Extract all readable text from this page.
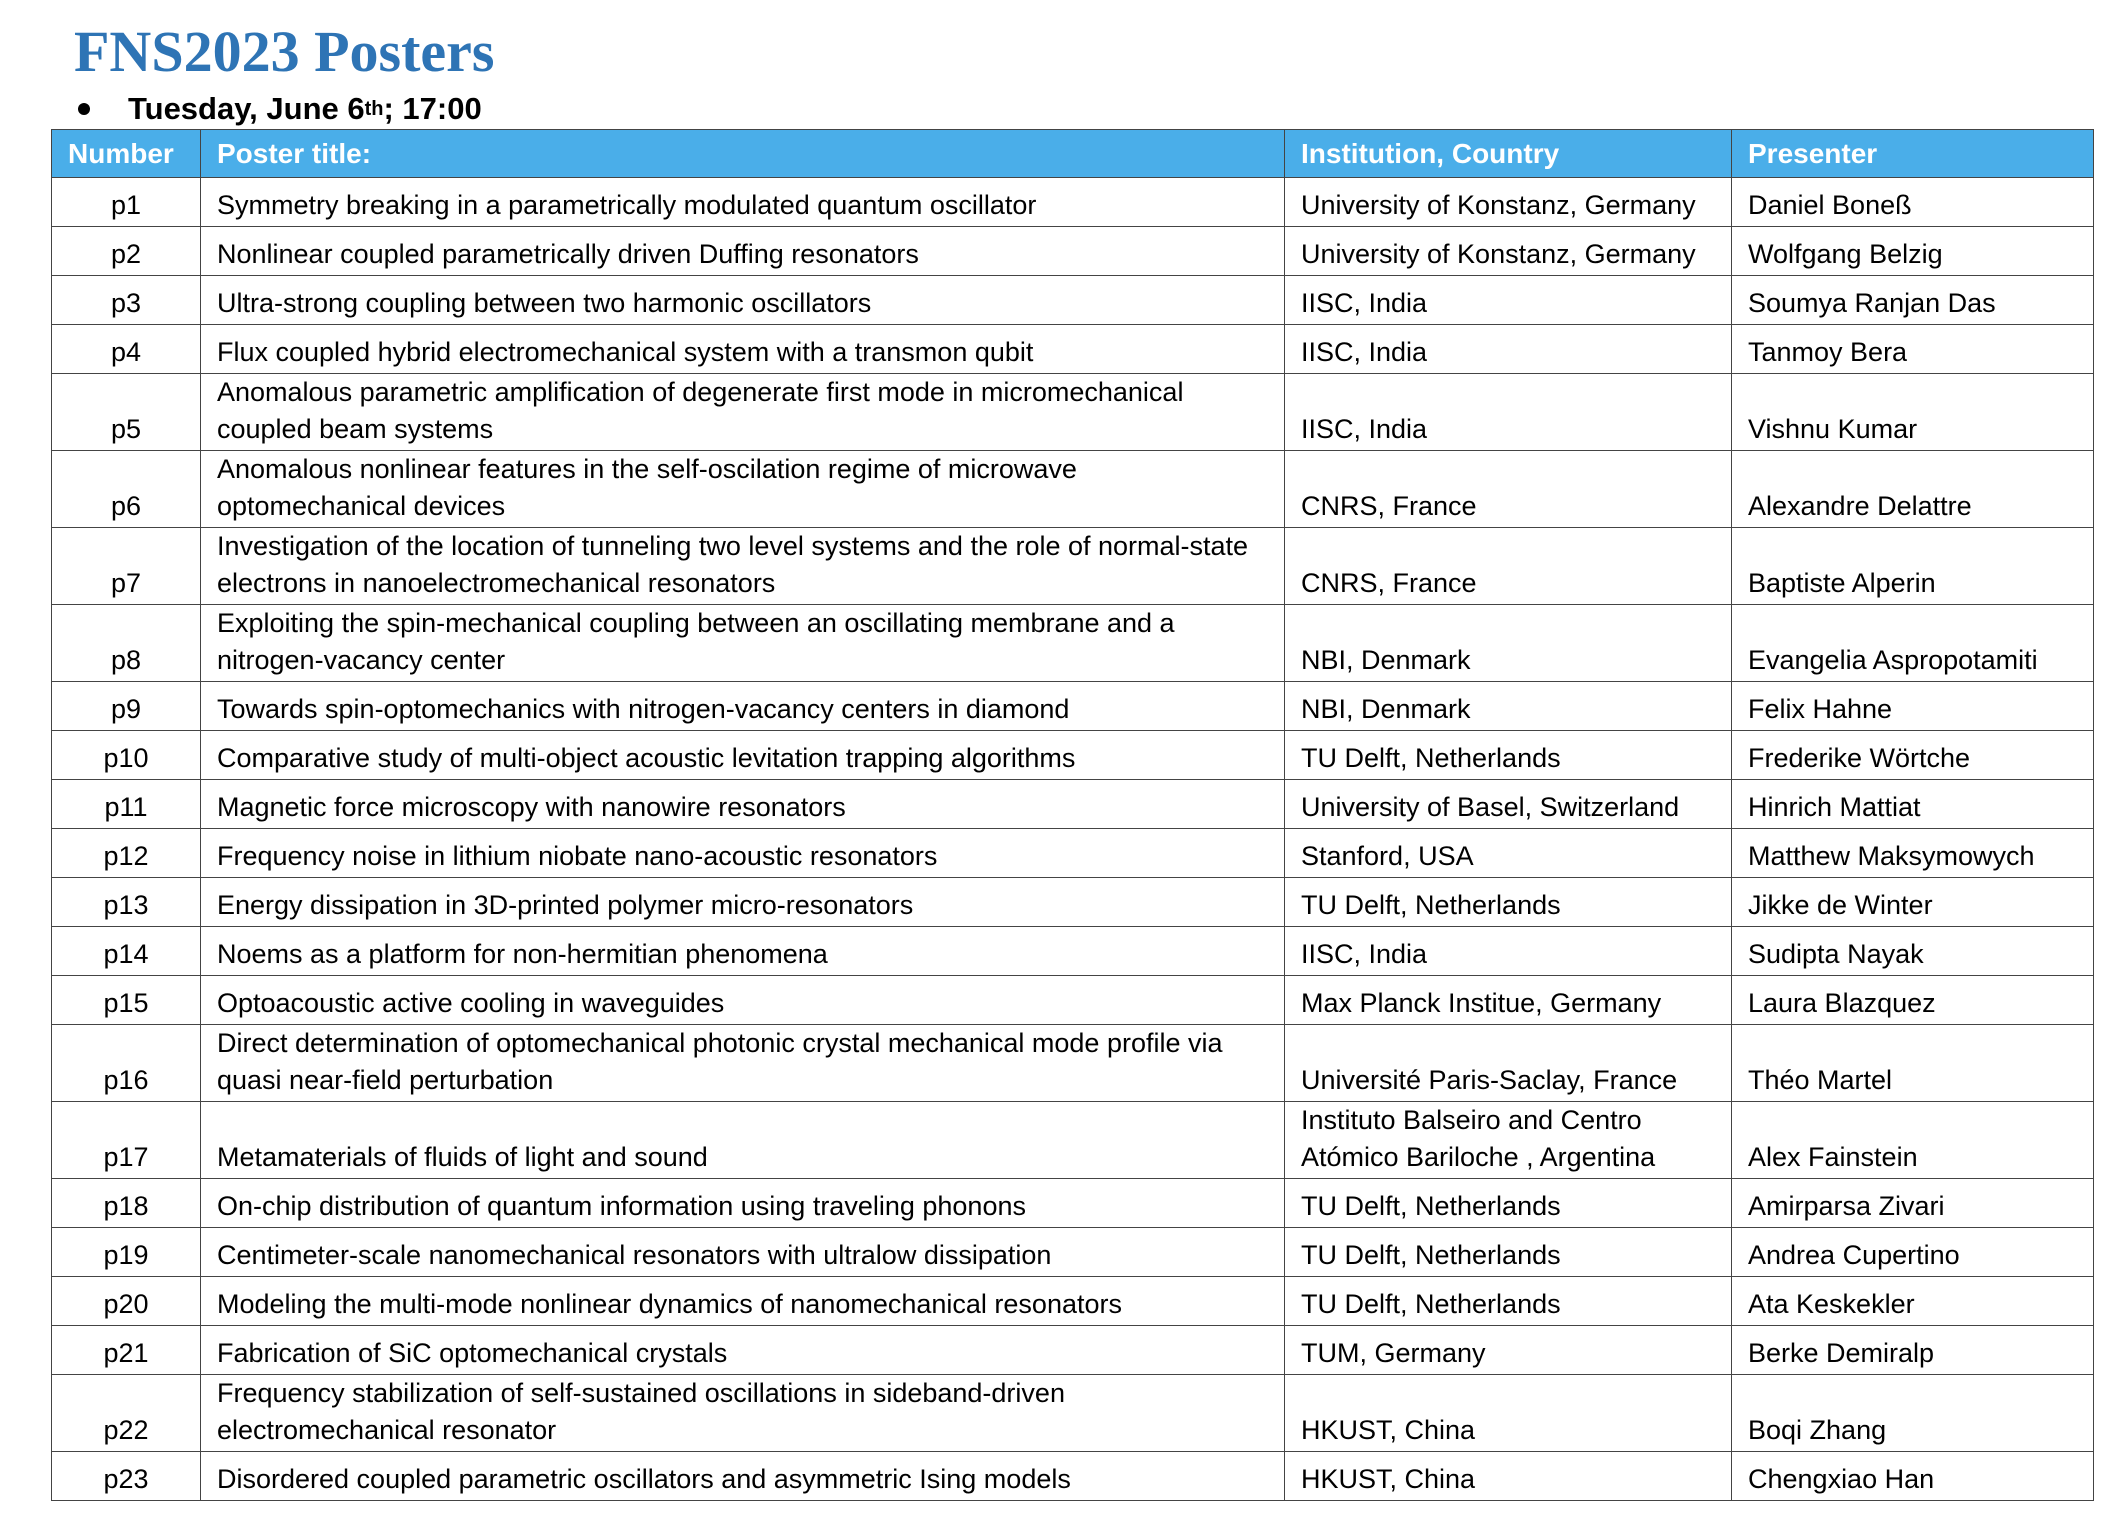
FNS2023 Posters
Tuesday, June 6 th ; 17:00
Number	Poster title:	Institution, Country	Presenter
p1	Symmetry breaking in a parametrically modulated quantum oscillator	University of Konstanz, Germany	Daniel Boneß
p2	Nonlinear coupled parametrically driven Duffing resonators	University of Konstanz, Germany	Wolfgang Belzig
p3	Ultra-strong coupling between two harmonic oscillators	IISC, India	Soumya Ranjan Das
p4	Flux coupled hybrid electromechanical system with a transmon qubit	IISC, India	Tanmoy Bera
p5	Anomalous parametric amplification of degenerate first mode in micromechanical coupled beam systems	IISC, India	Vishnu Kumar
p6	Anomalous nonlinear features in the self-oscilation regime of microwave optomechanical devices	CNRS, France	Alexandre Delattre
p7	Investigation of the location of tunneling two level systems and the role of normal-state electrons in nanoelectromechanical resonators	CNRS, France	Baptiste Alperin
p8	Exploiting the spin-mechanical coupling between an oscillating membrane and a nitrogen-vacancy center	NBI, Denmark	Evangelia Aspropotamiti
p9	Towards spin-optomechanics with nitrogen-vacancy centers in diamond	NBI, Denmark	Felix Hahne
p10	Comparative study of multi-object acoustic levitation trapping algorithms	TU Delft, Netherlands	Frederike Wörtche
p11	Magnetic force microscopy with nanowire resonators	University of Basel, Switzerland	Hinrich Mattiat
p12	Frequency noise in lithium niobate nano-acoustic resonators	Stanford, USA	Matthew Maksymowych
p13	Energy dissipation in 3D-printed polymer micro-resonators	TU Delft, Netherlands	Jikke de Winter
p14	Noems as a platform for non-hermitian phenomena	IISC, India	Sudipta Nayak
p15	Optoacoustic active cooling in waveguides	Max Planck Institue, Germany	Laura Blazquez
p16	Direct determination of optomechanical photonic crystal mechanical mode profile via quasi near-field perturbation	Université Paris-Saclay, France	Théo Martel
p17	Metamaterials of fluids of light and sound	Instituto Balseiro and Centro Atómico Bariloche , Argentina	Alex Fainstein
p18	On-chip distribution of quantum information using traveling phonons	TU Delft, Netherlands	Amirparsa Zivari
p19	Centimeter-scale nanomechanical resonators with ultralow dissipation	TU Delft, Netherlands	Andrea Cupertino
p20	Modeling the multi-mode nonlinear dynamics of nanomechanical resonators	TU Delft, Netherlands	Ata Keskekler
p21	Fabrication of SiC optomechanical crystals	TUM, Germany	Berke Demiralp
p22	Frequency stabilization of self-sustained oscillations in sideband-driven electromechanical resonator	HKUST, China	Boqi Zhang
p23	Disordered coupled parametric oscillators and asymmetric Ising models	HKUST, China	Chengxiao Han
